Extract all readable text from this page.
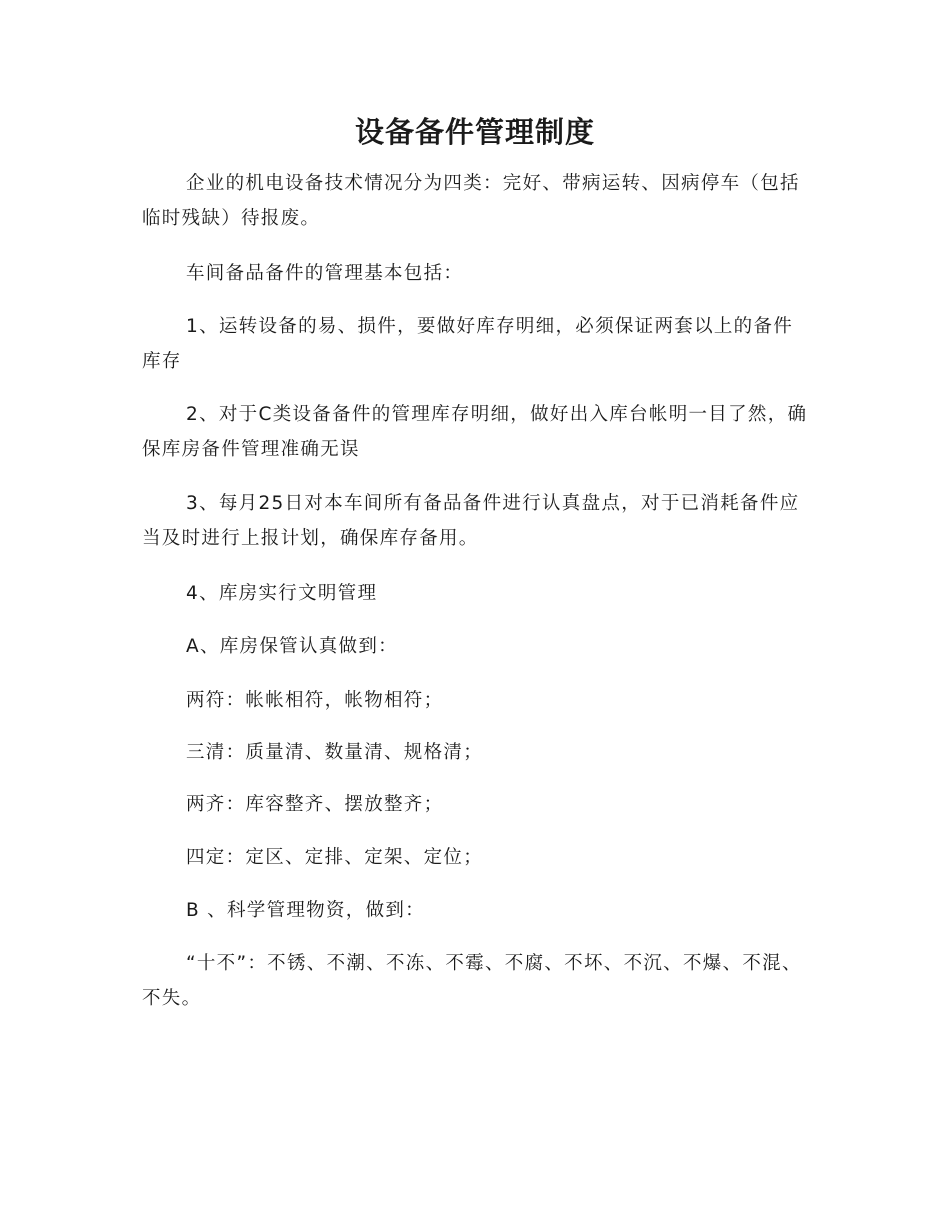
设备备件管理制度

企业的机电设备技术情况分为四类：完好、带病运转、因病停车（包括临时残缺）待报废。

车间备品备件的管理基本包括：

1、运转设备的易、损件，要做好库存明细，必须保证两套以上的备件库存

2、对于C类设备备件的管理库存明细，做好出入库台帐明一目了然，确保库房备件管理准确无误

3、每月25日对本车间所有备品备件进行认真盘点，对于已消耗备件应当及时进行上报计划，确保库存备用。

4、库房实行文明管理

A、库房保管认真做到：

两符：帐帐相符，帐物相符；

三清：质量清、数量清、规格清；

两齐：库容整齐、摆放整齐；

四定：定区、定排、定架、定位；

B 、科学管理物资，做到：

“十不”：不锈、不潮、不冻、不霉、不腐、不坏、不沉、不爆、不混、不失。
